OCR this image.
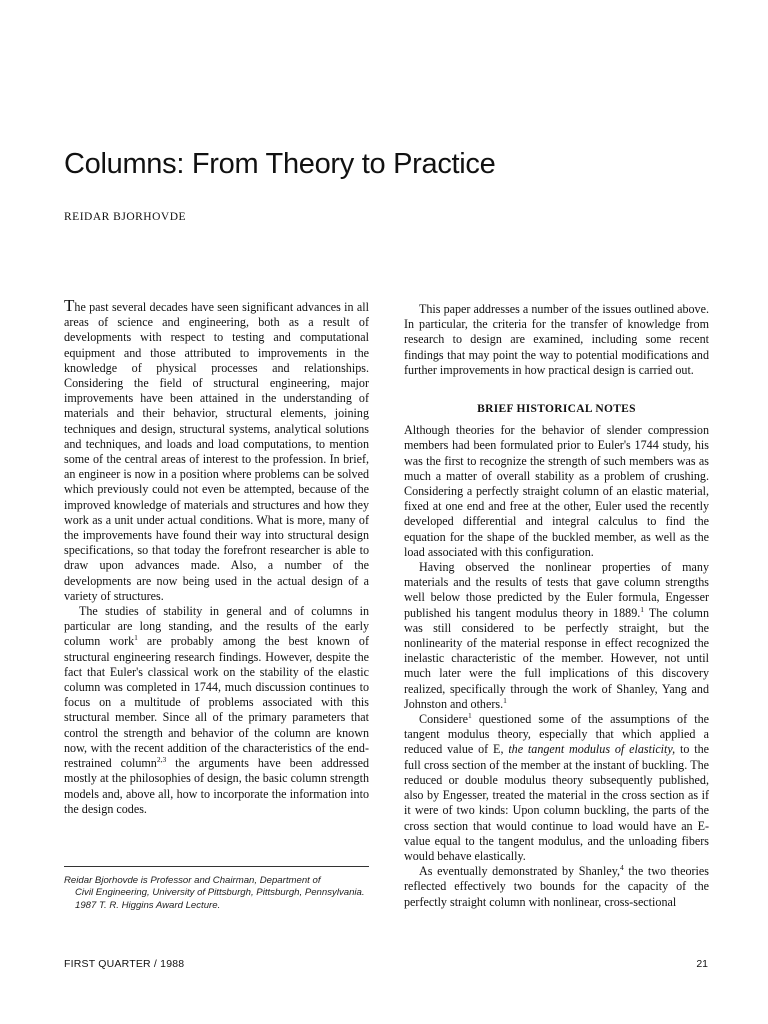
Columns: From Theory to Practice
REIDAR BJORHOVDE

The past several decades have seen significant advances in all areas of science and engineering, both as a result of developments with respect to testing and computational equipment and those attributed to improvements in the knowledge of physical processes and relationships. Considering the field of structural engineering, major improvements have been attained in the understanding of materials and their behavior, structural elements, joining techniques and design, structural systems, analytical solutions and techniques, and loads and load computations, to mention some of the central areas of interest to the profession. In brief, an engineer is now in a position where problems can be solved which previously could not even be attempted, because of the improved knowledge of materials and structures and how they work as a unit under actual conditions. What is more, many of the improvements have found their way into structural design specifications, so that today the forefront researcher is able to draw upon advances made. Also, a number of the developments are now being used in the actual design of a variety of structures.

The studies of stability in general and of columns in particular are long standing, and the results of the early column work$^1$ are probably among the best known of structural engineering research findings. However, despite the fact that Euler's classical work on the stability of the elastic column was completed in 1744, much discussion continues to focus on a multitude of problems associated with this structural member. Since all of the primary parameters that control the strength and behavior of the column are known now, with the recent addition of the characteristics of the end-restrained column$^{2,3}$ the arguments have been addressed mostly at the philosophies of design, the basic column strength models and, above all, how to incorporate the information into the design codes.

This paper addresses a number of the issues outlined above. In particular, the criteria for the transfer of knowledge from research to design are examined, including some recent findings that may point the way to potential modifications and further improvements in how practical design is carried out.

BRIEF HISTORICAL NOTES

Although theories for the behavior of slender compression members had been formulated prior to Euler's 1744 study, his was the first to recognize the strength of such members was as much a matter of overall stability as a problem of crushing. Considering a perfectly straight column of an elastic material, fixed at one end and free at the other, Euler used the recently developed differential and integral calculus to find the equation for the shape of the buckled member, as well as the load associated with this configuration.

Having observed the nonlinear properties of many materials and the results of tests that gave column strengths well below those predicted by the Euler formula, Engesser published his tangent modulus theory in 1889.$^1$ The column was still considered to be perfectly straight, but the nonlinearity of the material response in effect recognized the inelastic characteristic of the member. However, not until much later were the full implications of this discovery realized, specifically through the work of Shanley, Yang and Johnston and others.$^1$

Considere$^1$ questioned some of the assumptions of the tangent modulus theory, especially that which applied a reduced value of E, the tangent modulus of elasticity, to the full cross section of the member at the instant of buckling. The reduced or double modulus theory subsequently published, also by Engesser, treated the material in the cross section as if it were of two kinds: Upon column buckling, the parts of the cross section that would continue to load would have an E-value equal to the tangent modulus, and the unloading fibers would behave elastically.

As eventually demonstrated by Shanley,$^4$ the two theories reflected effectively two bounds for the capacity of the perfectly straight column with nonlinear, cross-sectional

Reidar Bjorhovde is Professor and Chairman, Department of
Civil Engineering, University of Pittsburgh, Pittsburgh, Pennsylvania. 1987 T. R. Higgins Award Lecture.
FIRST QUARTER / 1988	21
